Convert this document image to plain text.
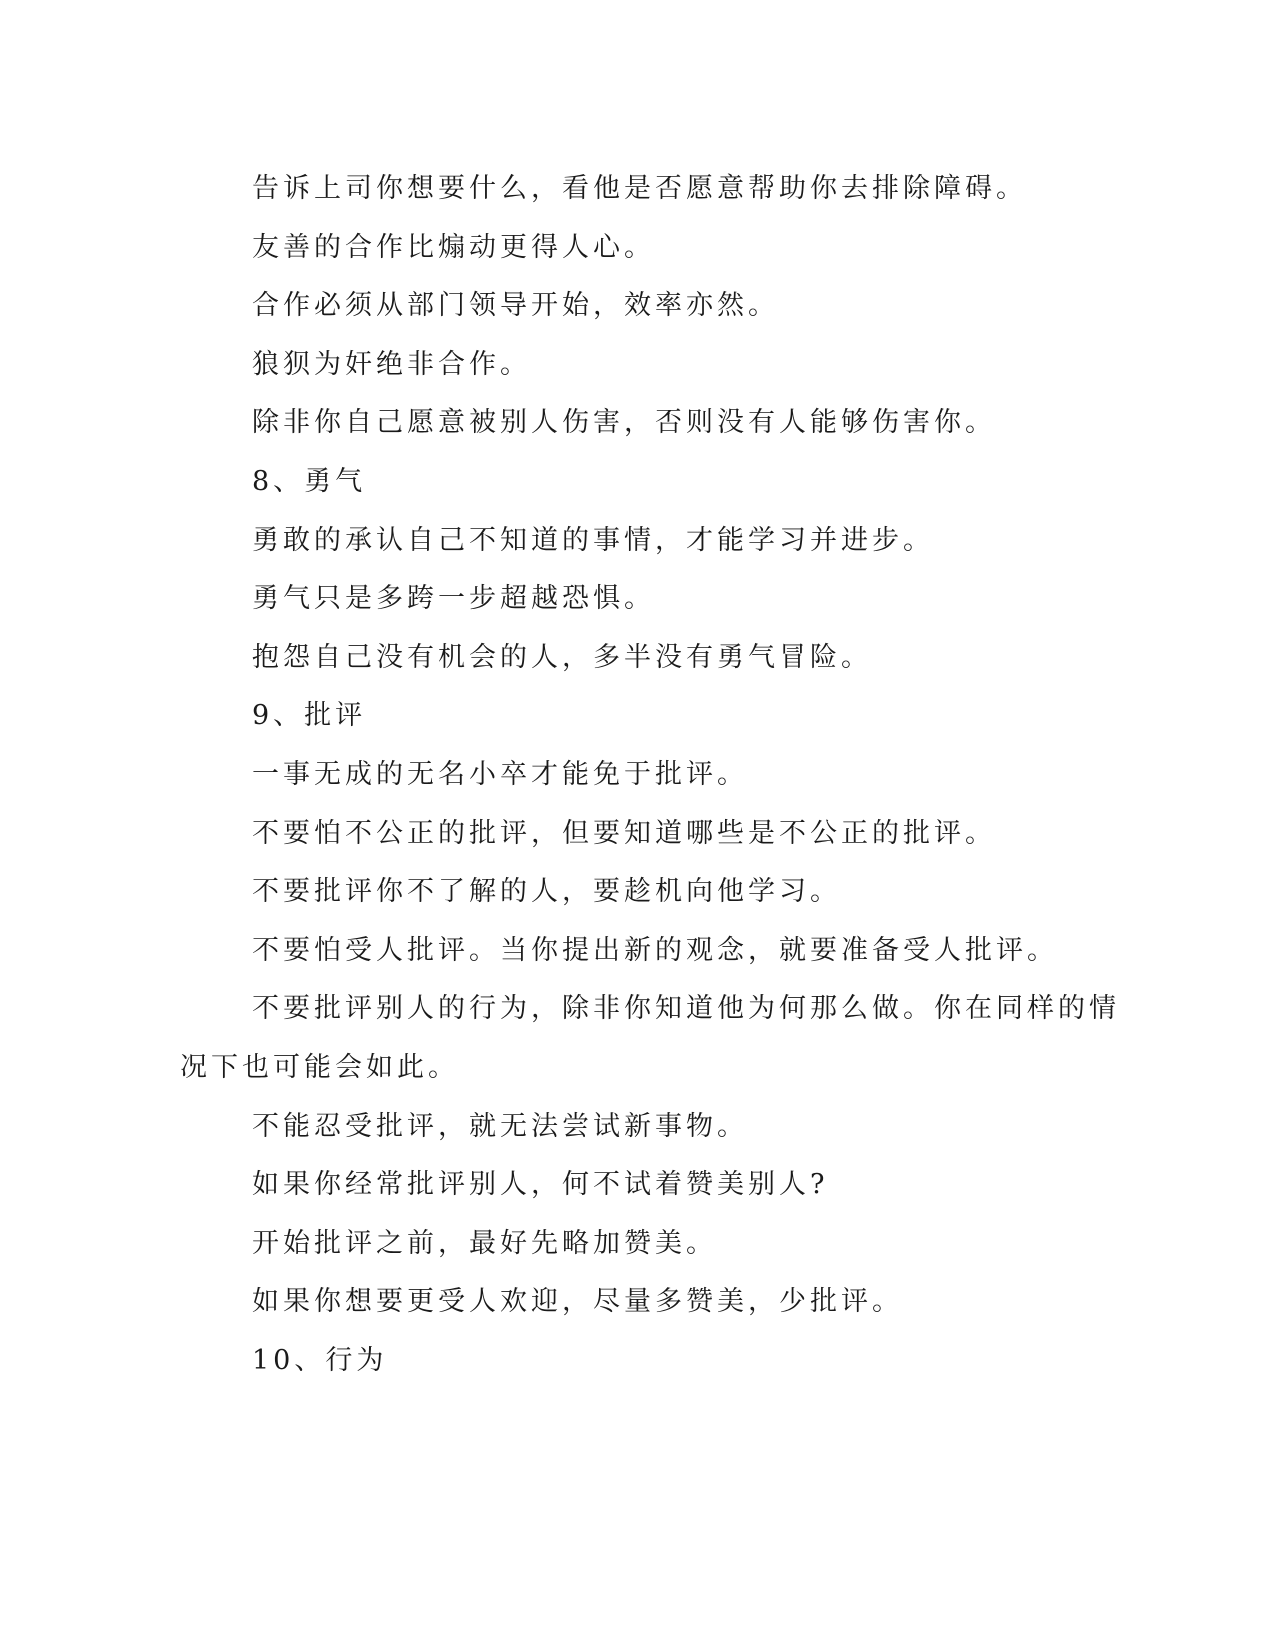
告诉上司你想要什么，看他是否愿意帮助你去排除障碍。
友善的合作比煽动更得人心。
合作必须从部门领导开始，效率亦然。
狼狈为奸绝非合作。
除非你自己愿意被别人伤害，否则没有人能够伤害你。
8、勇气
勇敢的承认自己不知道的事情，才能学习并进步。
勇气只是多跨一步超越恐惧。
抱怨自己没有机会的人，多半没有勇气冒险。
9、批评
一事无成的无名小卒才能免于批评。
不要怕不公正的批评，但要知道哪些是不公正的批评。
不要批评你不了解的人，要趁机向他学习。
不要怕受人批评。当你提出新的观念，就要准备受人批评。
不要批评别人的行为，除非你知道他为何那么做。你在同样的情
况下也可能会如此。
不能忍受批评，就无法尝试新事物。
如果你经常批评别人，何不试着赞美别人?
开始批评之前，最好先略加赞美。
如果你想要更受人欢迎，尽量多赞美，少批评。
10、行为
